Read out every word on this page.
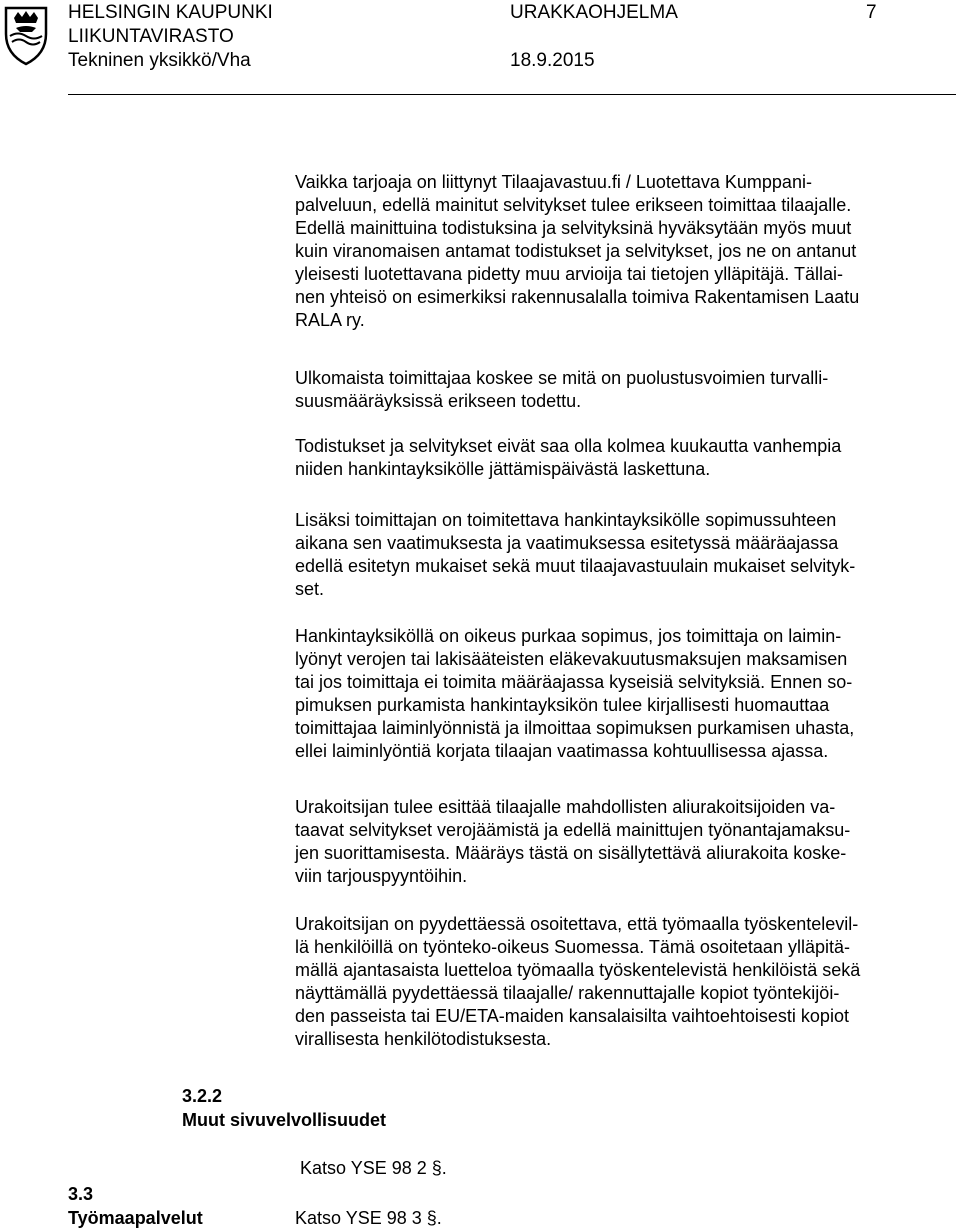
HELSINGIN KAUPUNKI
LIIKUNTAVIRASTO
Tekninen yksikkö/Vha
URAKKAOHJELMA
18.9.2015
7

Vaikka tarjoaja on liittynyt Tilaajavastuu.fi / Luotettava Kumppani-

palveluun, edellä mainitut selvitykset tulee erikseen toimittaa tilaajalle.

Edellä mainittuina todistuksina ja selvityksinä hyväksytään myös muut

kuin viranomaisen antamat todistukset ja selvitykset, jos ne on antanut

yleisesti luotettavana pidetty muu arvioija tai tietojen ylläpitäjä. Tällai-

nen yhteisö on esimerkiksi rakennusalalla toimiva Rakentamisen Laatu

RALA ry.

Ulkomaista toimittajaa koskee se mitä on puolustusvoimien turvalli-

suusmääräyksissä erikseen todettu.

Todistukset ja selvitykset eivät saa olla kolmea kuukautta vanhempia

niiden hankintayksikölle jättämispäivästä laskettuna.

Lisäksi toimittajan on toimitettava hankintayksikölle sopimussuhteen

aikana sen vaatimuksesta ja vaatimuksessa esitetyssä määräajassa

edellä esitetyn mukaiset sekä muut tilaajavastuulain mukaiset selvityk-

set.

Hankintayksiköllä on oikeus purkaa sopimus, jos toimittaja on laimin-

lyönyt verojen tai lakisääteisten eläkevakuutusmaksujen maksamisen

tai jos toimittaja ei toimita määräajassa kyseisiä selvityksiä. Ennen so-

pimuksen purkamista hankintayksikön tulee kirjallisesti huomauttaa

toimittajaa laiminlyönnistä ja ilmoittaa sopimuksen purkamisen uhasta,

ellei laiminlyöntiä korjata tilaajan vaatimassa kohtuullisessa ajassa.

Urakoitsijan tulee esittää tilaajalle mahdollisten aliurakoitsijoiden va-

taavat selvitykset verojäämistä ja edellä mainittujen työnantajamaksu-

jen suorittamisesta. Määräys tästä on sisällytettävä aliurakoita koske-

viin tarjouspyyntöihin.

Urakoitsijan on pyydettäessä osoitettava, että työmaalla työskentelevil-

lä henkilöillä on työnteko-oikeus Suomessa. Tämä osoitetaan ylläpitä-

mällä ajantasaista luetteloa työmaalla työskentelevistä henkilöistä sekä

näyttämällä pyydettäessä tilaajalle/ rakennuttajalle kopiot työntekijöi-

den passeista tai EU/ETA-maiden kansalaisilta vaihtoehtoisesti kopiot

virallisesta henkilötodistuksesta.

3.2.2
Muut sivuvelvollisuudet
Katso YSE 98 2 §.
3.3
Työmaapalvelut	Katso YSE 98 3 §.
